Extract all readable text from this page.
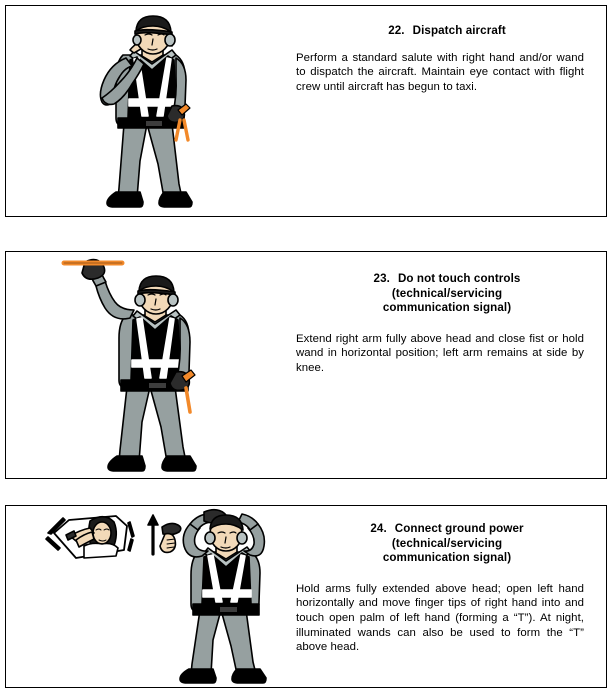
22. Dispatch aircraft
Perform a standard salute with right hand and/or wand to dispatch the aircraft. Maintain eye contact with flight crew until aircraft has begun to taxi.
23. Do not touch controls
(technical/servicing
communication signal)
Extend right arm fully above head and close fist or hold wand in horizontal position; left arm remains at side by knee.
24. Connect ground power
(technical/servicing
communication signal)
Hold arms fully extended above head; open left hand horizontally and move finger tips of right hand into and touch open palm of left hand (forming a “T”). At night, illuminated wands can also be used to form the “T” above head.
